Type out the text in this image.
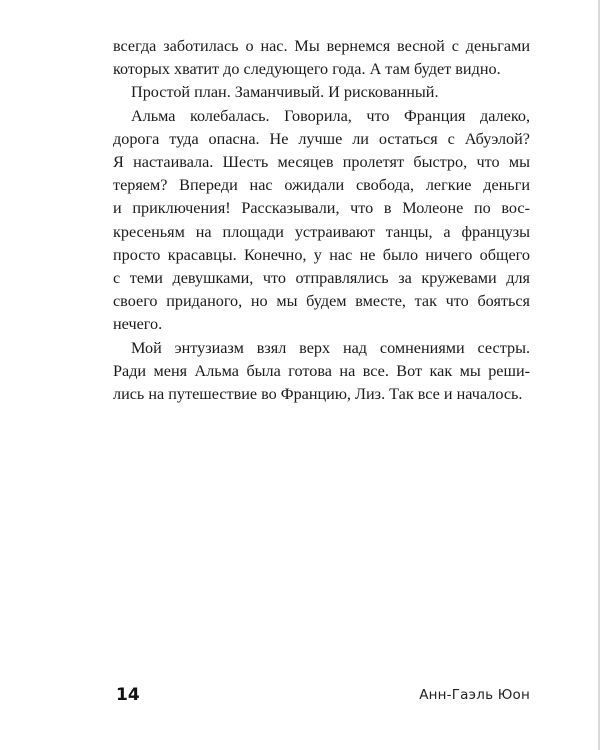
всегда заботилась о нас. Мы вернемся весной с деньгами
которых хватит до следующего года. А там будет видно.
Простой план. Заманчивый. И рискованный.
Альма колебалась. Говорила, что Франция далеко,
дорога туда опасна. Не лучше ли остаться с Абуэлой?
Я настаивала. Шесть месяцев пролетят быстро, что мы
теряем? Впереди нас ожидали свобода, легкие деньги
и приключения! Рассказывали, что в Молеоне по вос-
кресеньям на площади устраивают танцы, а французы
просто красавцы. Конечно, у нас не было ничего общего
с теми девушками, что отправлялись за кружевами для
своего приданого, но мы будем вместе, так что бояться
нечего.
Мой энтузиазм взял верх над сомнениями сестры.
Ради меня Альма была готова на все. Вот как мы реши-
лись на путешествие во Францию, Лиз. Так все и началось.
14	Анн-Гаэль Юон
